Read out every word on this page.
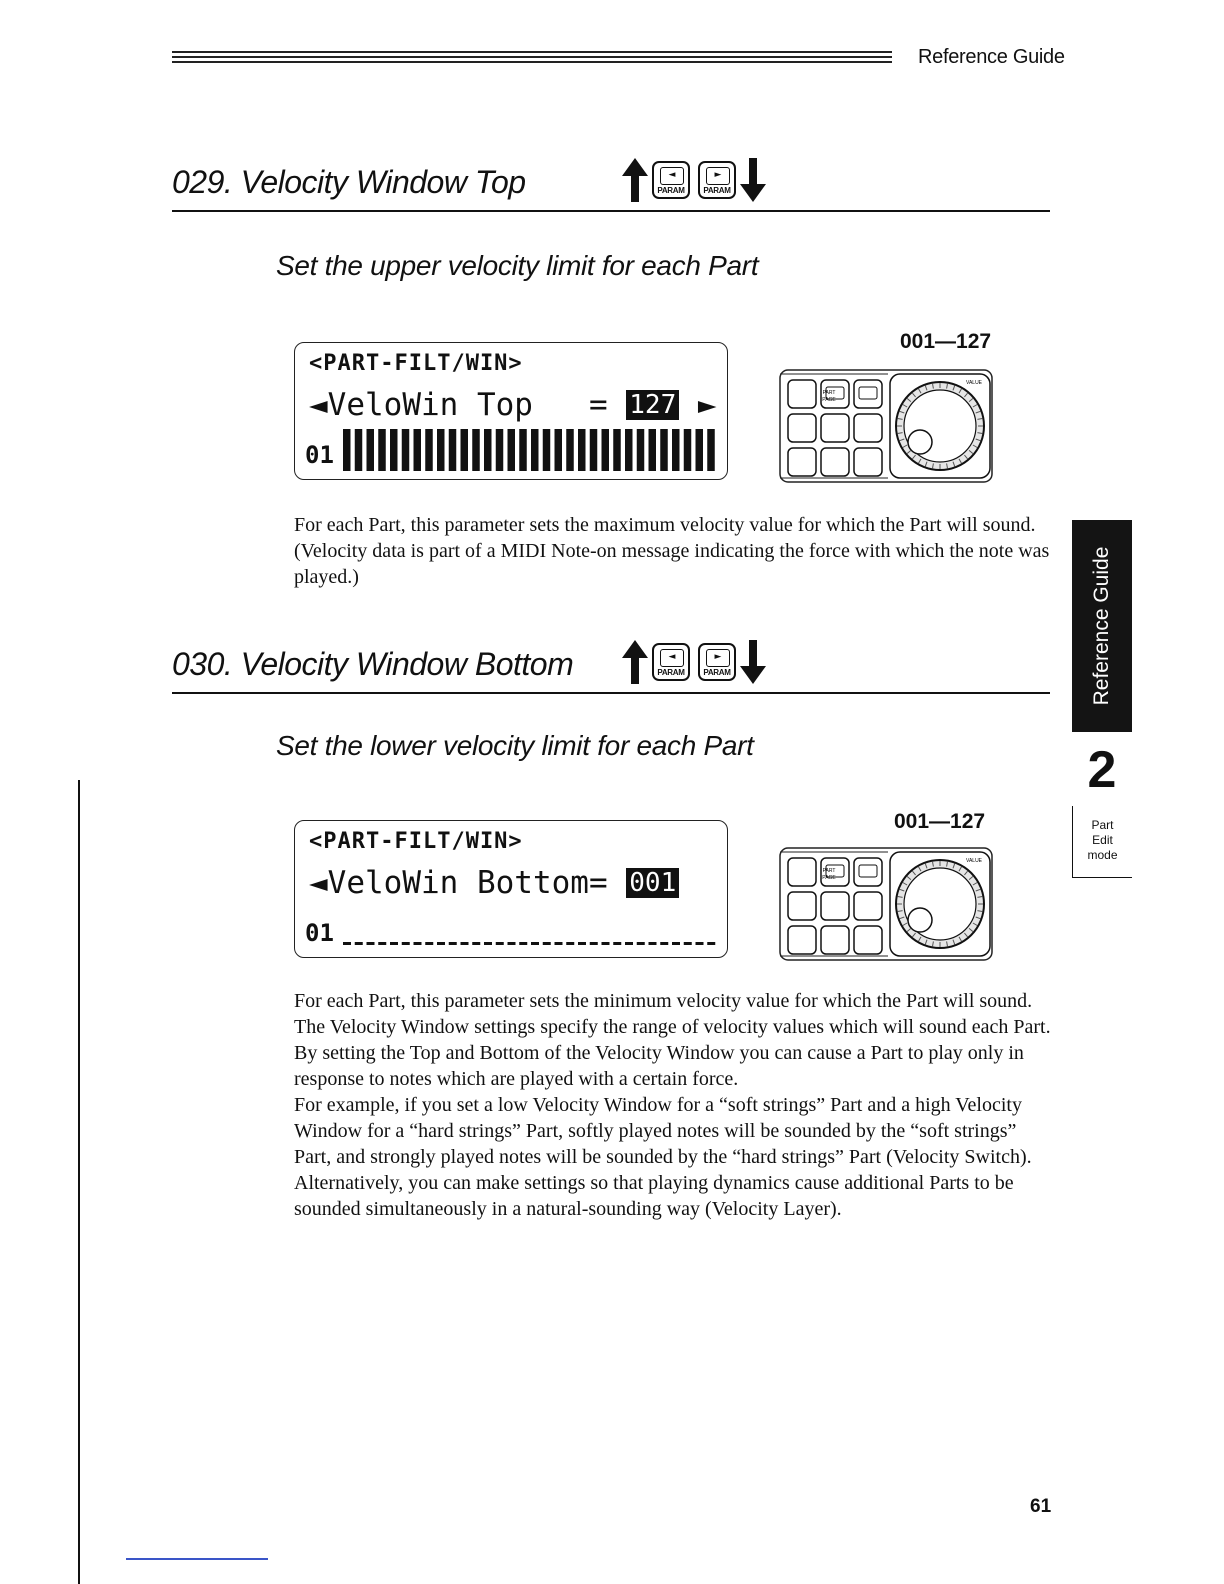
Reference Guide
029. Velocity Window Top	◄
PARAM
►
PARAM
Set the upper velocity limit for each Part
<PART-FILT/WIN>
◄VeloWin Top   = 127 ►
01
001—127
PART
PAGE
VALUE
For each Part, this parameter sets the maximum velocity value for which the Part will sound. (Velocity data is part of a MIDI Note-on message indicating the force with which the note was played.)
030. Velocity Window Bottom	◄
PARAM
►
PARAM
Set the lower velocity limit for each Part
<PART-FILT/WIN>
◄VeloWin Bottom= 001
01
001—127
PART
PAGE
VALUE
For each Part, this parameter sets the minimum velocity value for which the Part will sound.
The Velocity Window settings specify the range of velocity values which will sound each Part. By setting the Top and Bottom of the Velocity Window you can cause a Part to play only in response to notes which are played with a certain force.
For example, if you set a low Velocity Window for a “soft strings” Part and a high Velocity Window for a “hard strings” Part, softly played notes will be sounded by the “soft strings” Part, and strongly played notes will be sounded by the “hard strings” Part (Velocity Switch).
Alternatively, you can make settings so that playing dynamics cause additional Parts to be sounded simultaneously in a natural-sounding way (Velocity Layer).
Reference Guide
2
Part
Edit
mode
61
